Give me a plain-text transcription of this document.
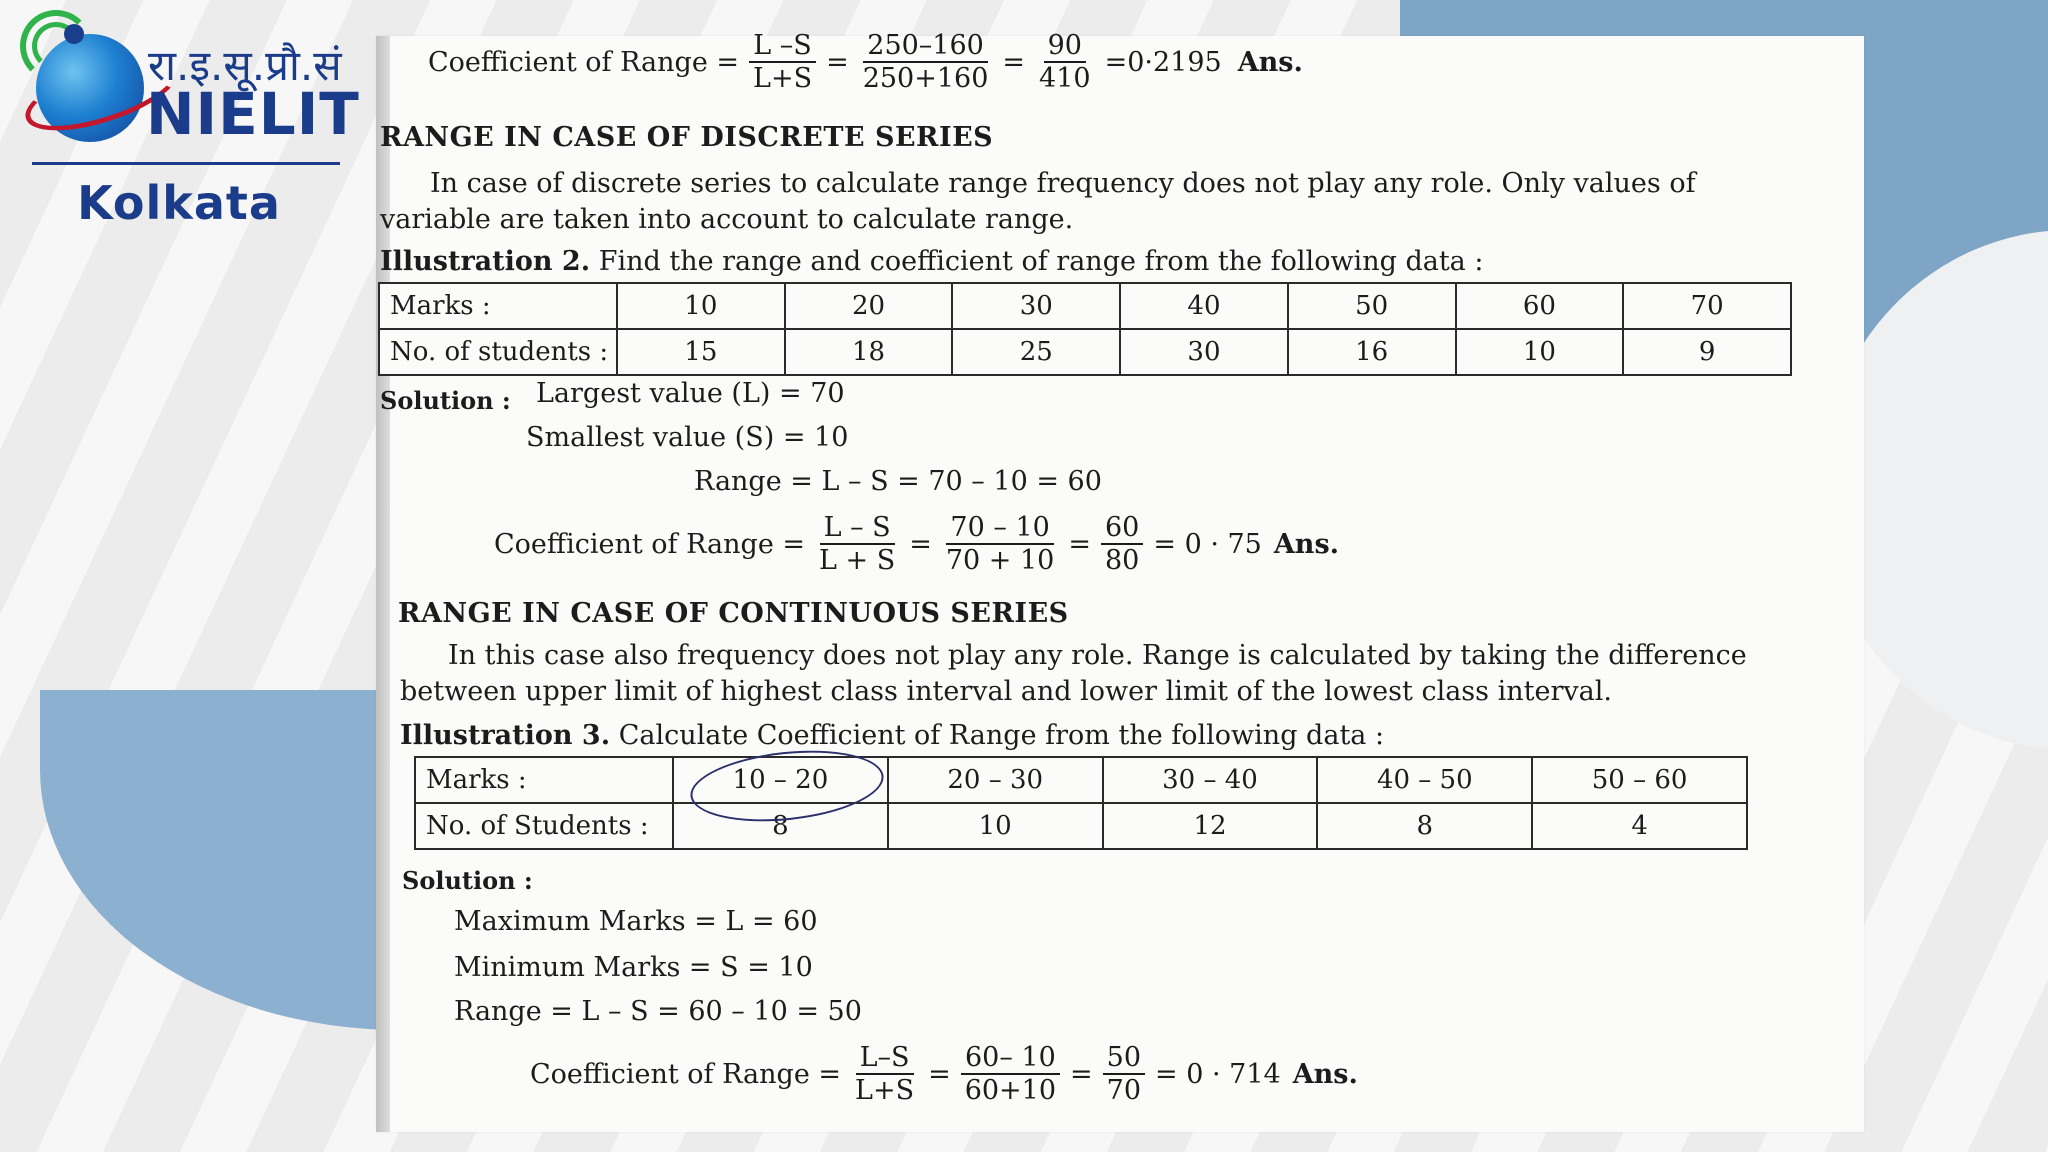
रा.इ.सू.प्रौ.सं
NIELIT
Kolkata
Coefficient of Range = $\frac{L -S}{L+S} = \frac{250-160}{250+160} = \frac{90}{410} =0\cdot 2195$ Ans.
RANGE IN CASE OF DISCRETE SERIES
In case of discrete series to calculate range frequency does not play any role. Only values of
variable are taken into account to calculate range.
Illustration 2. Find the range and coefficient of range from the following data :
Marks :	10	20	30	40	50	60	70
No. of students :	15	18	25	30	16	10	9
Solution : Largest value (L) = 70
Smallest value (S) = 10
Range = L – S = 70 – 10 = 60
Coefficient of Range = $\frac{L - S}{L + S} = \frac{70 - 10}{70 + 10} = \frac{60}{80} = 0 \cdot 75$ Ans.
RANGE IN CASE OF CONTINUOUS SERIES
In this case also frequency does not play any role. Range is calculated by taking the difference
between upper limit of highest class interval and lower limit of the lowest class interval.
Illustration 3. Calculate Coefficient of Range from the following data :
Marks :	10 – 20	20 – 30	30 – 40	40 – 50	50 – 60
No. of Students :	8	10	12	8	4
Solution :
Maximum Marks = L = 60
Minimum Marks = S = 10
Range = L – S = 60 – 10 = 50
Coefficient of Range = $\frac{L-S}{L+S} = \frac{60- 10}{60+10} = \frac{50}{70} = 0 \cdot 714$ Ans.
